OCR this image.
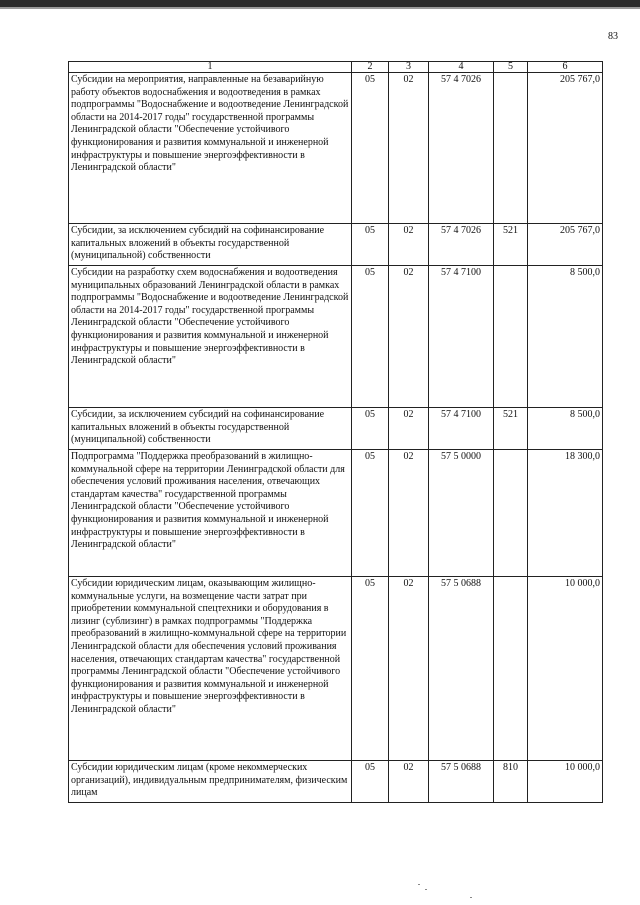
83
1	2	3	4	5	6
Субсидии на мероприятия, направленные на безаварийную работу объектов водоснабжения и водоотведения в рамках подпрограммы "Водоснабжение и водоотведение Ленинградской области на 2014-2017 годы" государственной программы Ленинградской области "Обеспечение устойчивого функционирования и развития коммунальной и инженерной инфраструктуры и повышение энергоэффективности в Ленинградской области"	05	02	57 4 7026		205 767,0
Субсидии, за исключением субсидий на софинансирование капитальных вложений в объекты государственной (муниципальной) собственности	05	02	57 4 7026	521	205 767,0
Субсидии на разработку схем водоснабжения и водоотведения муниципальных образований Ленинградской области в рамках подпрограммы "Водоснабжение и водоотведение Ленинградской области на 2014-2017 годы" государственной программы Ленинградской области "Обеспечение устойчивого функционирования и развития коммунальной и инженерной инфраструктуры и повышение энергоэффективности в Ленинградской области"	05	02	57 4 7100		8 500,0
Субсидии, за исключением субсидий на софинансирование капитальных вложений в объекты государственной (муниципальной) собственности	05	02	57 4 7100	521	8 500,0
Подпрограмма "Поддержка преобразований в жилищно-коммунальной сфере на территории Ленинградской области для обеспечения условий проживания населения, отвечающих стандартам качества" государственной программы Ленинградской области "Обеспечение устойчивого функционирования и развития коммунальной и инженерной инфраструктуры и повышение энергоэффективности в Ленинградской области"	05	02	57 5 0000		18 300,0
Субсидии юридическим лицам, оказывающим жилищно-коммунальные услуги, на возмещение части затрат при приобретении коммунальной спецтехники и оборудования в лизинг (сублизинг) в рамках подпрограммы "Поддержка преобразований в жилищно-коммунальной сфере на территории Ленинградской области для обеспечения условий проживания населения, отвечающих стандартам качества" государственной программы Ленинградской области "Обеспечение устойчивого функционирования и развития коммунальной и инженерной инфраструктуры и повышение энергоэффективности в Ленинградской области"	05	02	57 5 0688		10 000,0
Субсидии юридическим лицам (кроме некоммерческих организаций), индивидуальным предпринимателям, физическим лицам	05	02	57 5 0688	810	10 000,0
